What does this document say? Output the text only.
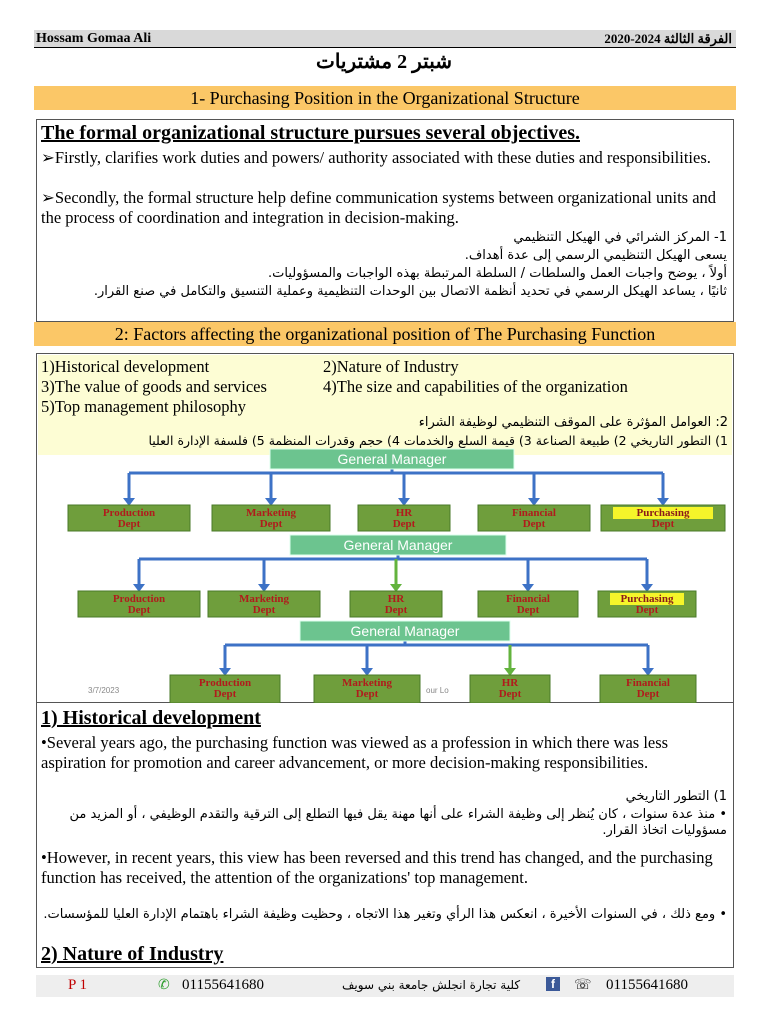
Hossam Gomaa Ali	الفرقة الثالثة 2024-2020
شبتر 2 مشتريات
1- Purchasing Position in the Organizational Structure
The formal organizational structure pursues several objectives.
➢Firstly, clarifies work duties and powers/ authority associated with these duties and responsibilities.
➢Secondly, the formal structure help define communication systems between organizational units and the process of coordination and integration in decision-making.
1- المركز الشرائي في الهيكل التنظيمي
يسعى الهيكل التنظيمي الرسمي إلى عدة أهداف.
أولاً ، يوضح واجبات العمل والسلطات / السلطة المرتبطة بهذه الواجبات والمسؤوليات.
ثانيًا ، يساعد الهيكل الرسمي في تحديد أنظمة الاتصال بين الوحدات التنظيمية وعملية التنسيق والتكامل في صنع القرار.
2: Factors affecting the organizational position of The Purchasing Function
1)Historical development	2)Nature of Industry
3)The value of goods and services	4)The size and capabilities of the organization
5)Top management philosophy
2: العوامل المؤثرة على الموقف التنظيمي لوظيفة الشراء
1) التطور التاريخي 2) طبيعة الصناعة 3) قيمة السلع والخدمات 4) حجم وقدرات المنظمة 5) فلسفة الإدارة العليا
General Manager
Production
Dept
Marketing
Dept
HR
Dept
Financial
Dept
Purchasing
Dept
General Manager
Production
Dept
Marketing
Dept
HR
Dept
Financial
Dept
Purchasing
Dept
General Manager
Production
Dept
Marketing
Dept
HR
Dept
Financial
Dept
3/7/2023	our Lo
1) Historical development
•Several years ago, the purchasing function was viewed as a profession in which there was less aspiration for promotion and career advancement, or more decision-making responsibilities.
1) التطور التاريخي
• منذ عدة سنوات ، كان يُنظر إلى وظيفة الشراء على أنها مهنة يقل فيها التطلع إلى الترقية والتقدم الوظيفي ، أو المزيد من مسؤوليات اتخاذ القرار.
•However, in recent years, this view has been reversed and this trend has changed, and the purchasing function has received, the attention of the organizations' top management.
• ومع ذلك ، في السنوات الأخيرة ، انعكس هذا الرأي وتغير هذا الاتجاه ، وحظيت وظيفة الشراء باهتمام الإدارة العليا للمؤسسات.
2) Nature of Industry
P 1	✆ 01155641680	كلية تجارة انجلش جامعة بني سويف	f	☏ 01155641680
